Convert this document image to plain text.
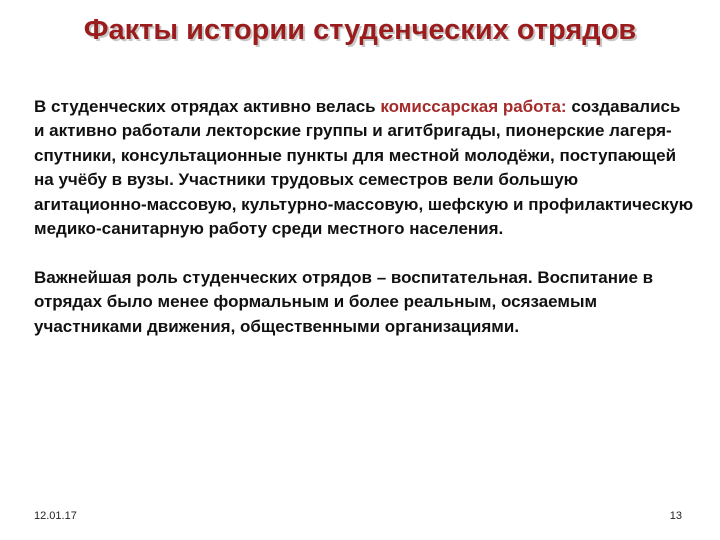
Факты истории студенческих отрядов

В студенческих отрядах активно велась комиссарская работа: создавались и активно работали лекторские группы и агитбригады, пионерские лагеря-спутники, консультационные пункты для местной молодёжи, поступающей на учёбу в вузы. Участники трудовых семестров вели большую агитационно-массовую, культурно-массовую, шефскую и профилактическую медико-санитарную работу среди местного населения.

Важнейшая роль студенческих отрядов – воспитательная. Воспитание в отрядах было менее формальным и более реальным, осязаемым участниками движения, общественными организациями.

12.01.17	13
